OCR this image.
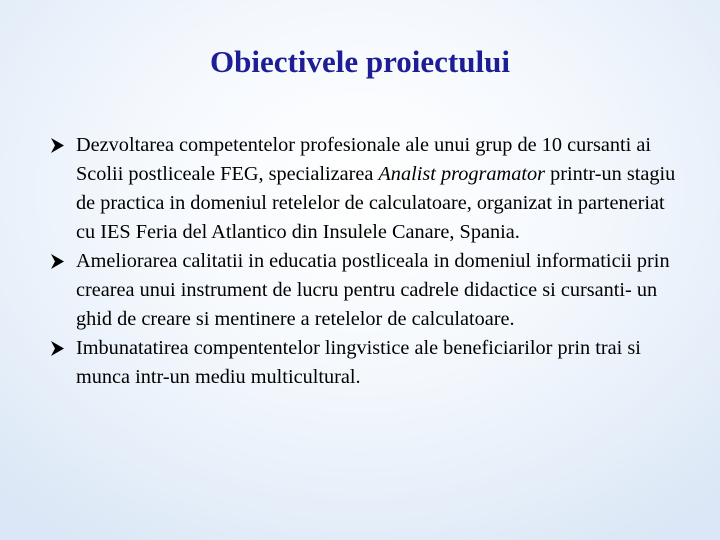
Obiectivele proiectului
Dezvoltarea competentelor profesionale ale unui grup de 10 cursanti ai Scolii postliceale FEG, specializarea Analist programator printr-un stagiu de practica in domeniul retelelor de calculatoare, organizat in parteneriat cu IES Feria del Atlantico din Insulele Canare, Spania.
Ameliorarea calitatii in educatia postliceala in domeniul informaticii prin crearea unui instrument de lucru pentru cadrele didactice si cursanti- un ghid de creare si mentinere a retelelor de calculatoare.
Imbunatatirea compententelor lingvistice ale beneficiarilor prin trai si munca intr-un mediu multicultural.
